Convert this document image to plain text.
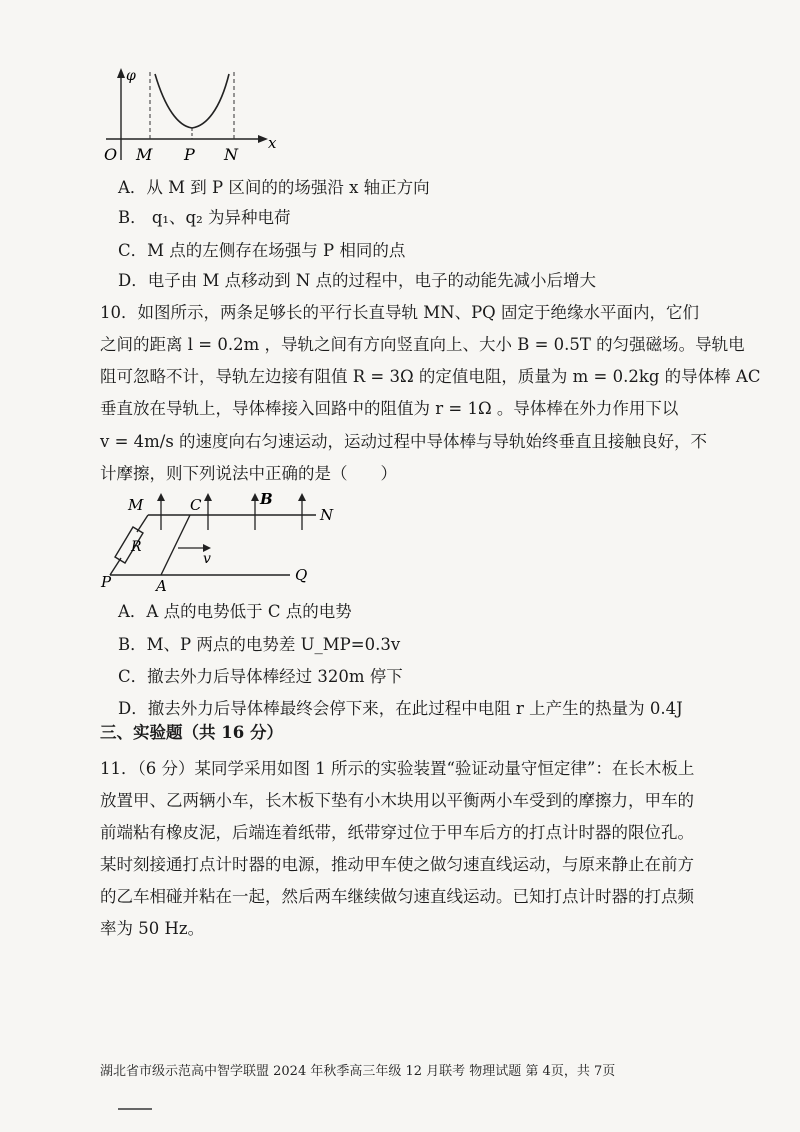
φ
x
O M P N
A．从 M 到 P 区间的的场强沿 x 轴正方向
B． q₁、q₂ 为异种电荷
C．M 点的左侧存在场强与 P 相同的点
D．电子由 M 点移动到 N 点的过程中，电子的动能先减小后增大
10．如图所示，两条足够长的平行长直导轨 MN、PQ 固定于绝缘水平面内，它们
之间的距离 l = 0.2m ，导轨之间有方向竖直向上、大小 B = 0.5T 的匀强磁场。导轨电
阻可忽略不计，导轨左边接有阻值 R = 3Ω 的定值电阻，质量为 m = 0.2kg 的导体棒 AC
垂直放在导轨上，导体棒接入回路中的阻值为 r = 1Ω 。导体棒在外力作用下以
v = 4m/s 的速度向右匀速运动，运动过程中导体棒与导轨始终垂直且接触良好，不
计摩擦，则下列说法中正确的是（　　）
M	C	B
N
R
v
P	A
Q
A．A 点的电势低于 C 点的电势
B．M、P 两点的电势差 U_MP=0.3v
C．撤去外力后导体棒经过 320m 停下
D．撤去外力后导体棒最终会停下来，在此过程中电阻 r 上产生的热量为 0.4J
三、实验题（共 16 分）
11．（6 分）某同学采用如图 1 所示的实验装置“验证动量守恒定律”：在长木板上
放置甲、乙两辆小车，长木板下垫有小木块用以平衡两小车受到的摩擦力，甲车的
前端粘有橡皮泥，后端连着纸带，纸带穿过位于甲车后方的打点计时器的限位孔。
某时刻接通打点计时器的电源，推动甲车使之做匀速直线运动，与原来静止在前方
的乙车相碰并粘在一起，然后两车继续做匀速直线运动。已知打点计时器的打点频
率为 50 Hz。
湖北省市级示范高中智学联盟 2024 年秋季高三年级 12 月联考 物理试题 第 4页，共 7页
